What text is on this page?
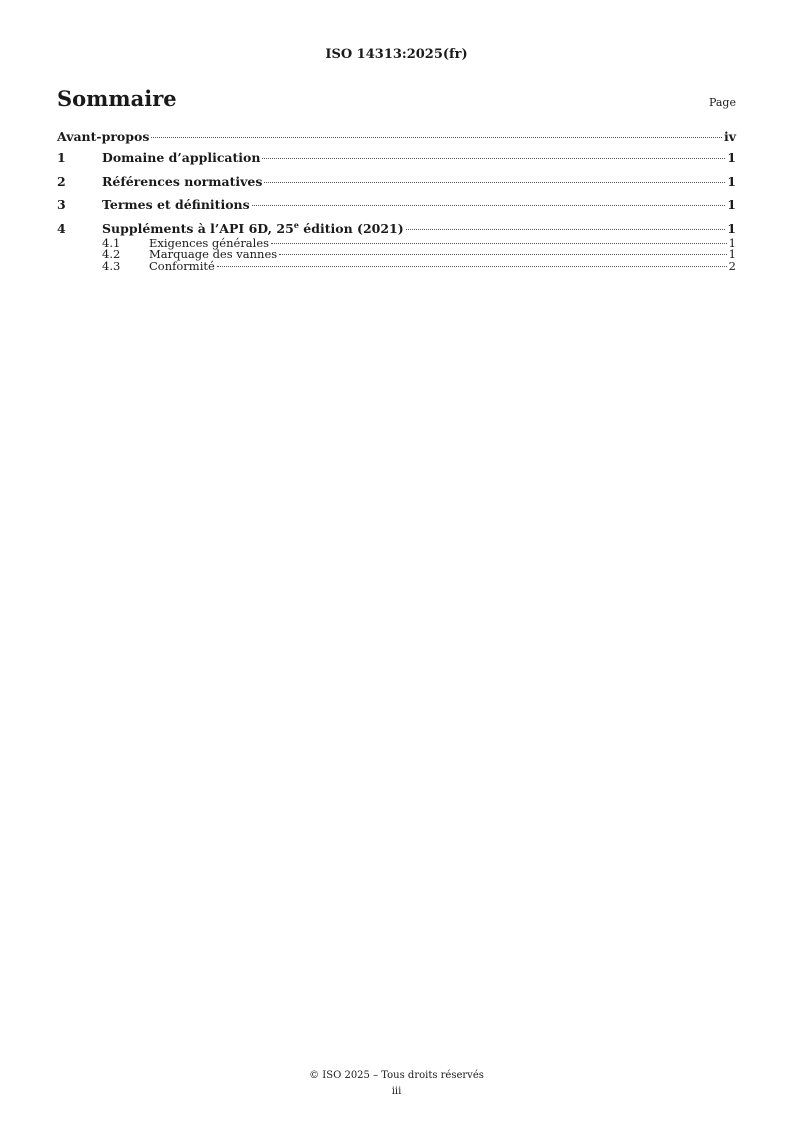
ISO 14313:2025(fr)
Sommaire	Page
Avant-propos	iv
1	Domaine d’application	1
2	Références normatives	1
3	Termes et définitions	1
4	Suppléments à l’API 6D, 25e édition (2021)	1
4.1	Exigences générales	1
4.2	Marquage des vannes	1
4.3	Conformité	2
© ISO 2025 – Tous droits réservés
iii
